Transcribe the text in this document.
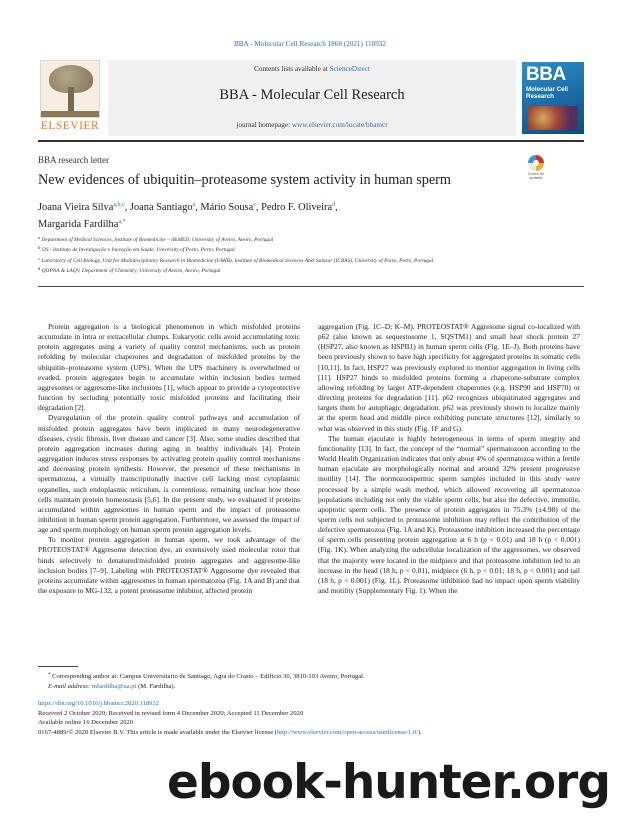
BBA - Molecular Cell Research 1868 (2021) 118932
ELSEVIER
Contents lists available at ScienceDirect
BBA - Molecular Cell Research
journal homepage: www.elsevier.com/locate/bbamcr
BBA
Molecular Cell Research
BBA research letter
New evidences of ubiquitin–proteasome system activity in human sperm	Check for updates
Joana Vieira Silva$^{a,b,c}$, Joana Santiago$^a$, Mário Sousa$^c$, Pedro F. Oliveira$^d$,
Margarida Fardilha$^{a,*}$
$^a$ Department of Medical Sciences, Institute of Biomedicine – iBiMED, University of Aveiro, Aveiro, Portugal
$^b$ i3S - Instituto de Investigação e Inovação em Saúde, University of Porto, Porto, Portugal
$^c$ Laboratory of Cell Biology, Unit for Multidisciplinary Research in Biomedicine (UMIB), Institute of Biomedical Sciences Abel Salazar (ICBAS), University of Porto, Porto, Portugal
$^d$ QOPNA & LAQV, Department of Chemistry, University of Aveiro, Aveiro, Portugal

Protein aggregation is a biological phenomenon in which misfolded proteins accumulate in intra or extracellular clumps. Eukaryotic cells avoid accumulating toxic protein aggregates using a variety of quality control mechanisms, such as protein refolding by molecular chaperones and degradation of misfolded proteins by the ubiquitin–proteasome system (UPS). When the UPS machinery is overwhelmed or evaded, protein aggregates begin to accumulate within inclusion bodies termed aggresomes or aggresome-like inclusions [1], which appear to provide a cytoprotective function by secluding potentially toxic misfolded proteins and facilitating their degradation [2].

Dysregulation of the protein quality control pathways and accumulation of misfolded protein aggregates have been implicated in many neurodegenerative diseases, cystic fibrosis, liver disease and cancer [3]. Also, some studies described that protein aggregation increases during aging in healthy individuals [4]. Protein aggregation induces stress responses by activating protein quality control mechanisms and decreasing protein synthesis. However, the presence of these mechanisms in spermatozoa, a virtually transcriptionally inactive cell lacking most cytoplasmic organelles, such endoplasmic reticulum, is contentious, remaining unclear how those cells maintain protein homeostasis [5,6]. In the present study, we evaluated if proteins accumulated within aggresomes in human sperm and the impact of proteasome inhibition in human sperm protein aggregation. Furthermore, we assessed the impact of age and sperm morphology on human sperm protein aggregation levels.

To monitor protein aggregation in human sperm, we took advantage of the PROTEOSTAT® Aggresome detection dye, an extensively used molecular rotor that binds selectively to denatured/misfolded protein aggregates and aggresome-like inclusion bodies [7–9]. Labeling with PROTEOSTAT® Aggresome dye revealed that proteins accumulate within aggresomes in human spermatozoa (Fig. 1A and B) and that the exposure to MG-132, a potent proteasome inhibitor, affected protein

aggregation (Fig. 1C–D; K–M). PROTEOSTAT® Aggresome signal co-localized with p62 (also known as sequestosome 1, SQSTM1) and small heat shock protein 27 (HSP27, also known as HSPB1) in human sperm cells (Fig. 1E–J). Both proteins have been previously shown to have high specificity for aggregated proteins in somatic cells [10,11]. In fact, HSP27 was previously explored to monitor aggregation in living cells [11]. HSP27 binds to misfolded proteins forming a chaperone-substrate complex allowing refolding by larger ATP-dependent chaperones (e.g. HSP90 and HSP70) or directing proteins for degradation [11]. p62 recognizes ubiquitinated aggregates and targets them for autophagic degradation. p62 was previously shown to localize mainly at the sperm head and middle piece exhibiting punctate structures [12], similarly to what was observed in this study (Fig. 1F and G).

The human ejaculate is highly heterogeneous in terms of sperm integrity and functionality [13]. In fact, the concept of the “normal” spermatozoon according to the World Health Organization indicates that only about 4% of spermatozoa within a fertile human ejaculate are morphologically normal and around 32% present progressive motility [14]. The normozoospermic sperm samples included in this study were processed by a simple wash method, which allowed recovering all spermatozoa populations including not only the viable sperm cells, but also the defective, immotile, apoptotic sperm cells. The presence of protein aggregates in 75.3% (±4.98) of the sperm cells not subjected to proteasome inhibition may reflect the contribution of the defective spermatozoa (Fig. 1A and K). Proteasome inhibition increased the percentage of sperm cells presenting protein aggregation at 6 h (p < 0.01) and 18 h (p < 0.001) (Fig. 1K). When analyzing the subcellular localization of the aggresomes, we observed that the majority were located in the midpiece and that proteasome inhibition led to an increase in the head (18 h, p < 0.01), midpiece (6 h, p < 0.01; 18 h, p < 0.001) and tail (18 h, p < 0.001) (Fig. 1L). Proteasome inhibition had no impact upon sperm viability and motility (Supplementary Fig. 1). When the

* Corresponding author at: Campus Universitario de Santiago, Agra do Crasto – Edificio 30, 3810-193 Aveiro, Portugal.
E-mail address: mfardilha@ua.pt (M. Fardilha).
https://doi.org/10.1016/j.bbamcr.2020.118932
Received 2 October 2020; Received in revised form 4 December 2020; Accepted 11 December 2020
Available online 16 December 2020
0167-4889/© 2020 Elsevier B.V. This article is made available under the Elsevier license (http://www.elsevier.com/open-access/userlicense/1.0/).
ebook-hunter.org
